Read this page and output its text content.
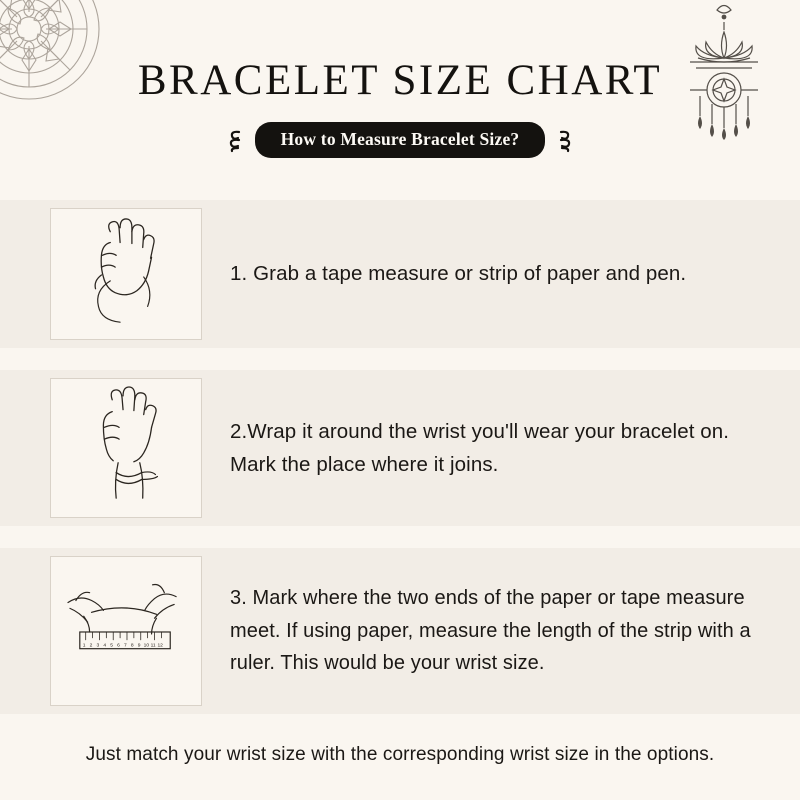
BRACELET SIZE CHART
How to Measure Bracelet Size?
1. Grab a tape measure or strip of paper and pen.
2.Wrap it around the wrist you'll wear your bracelet on. Mark the place where it joins.
1 2 3 4 5 6 7 8 9 10 11 12
3. Mark where the two ends of the paper or tape measure meet. If using paper, measure the length of the strip with a ruler. This would be your wrist size.
Just match your wrist size with the corresponding wrist size in the options.
